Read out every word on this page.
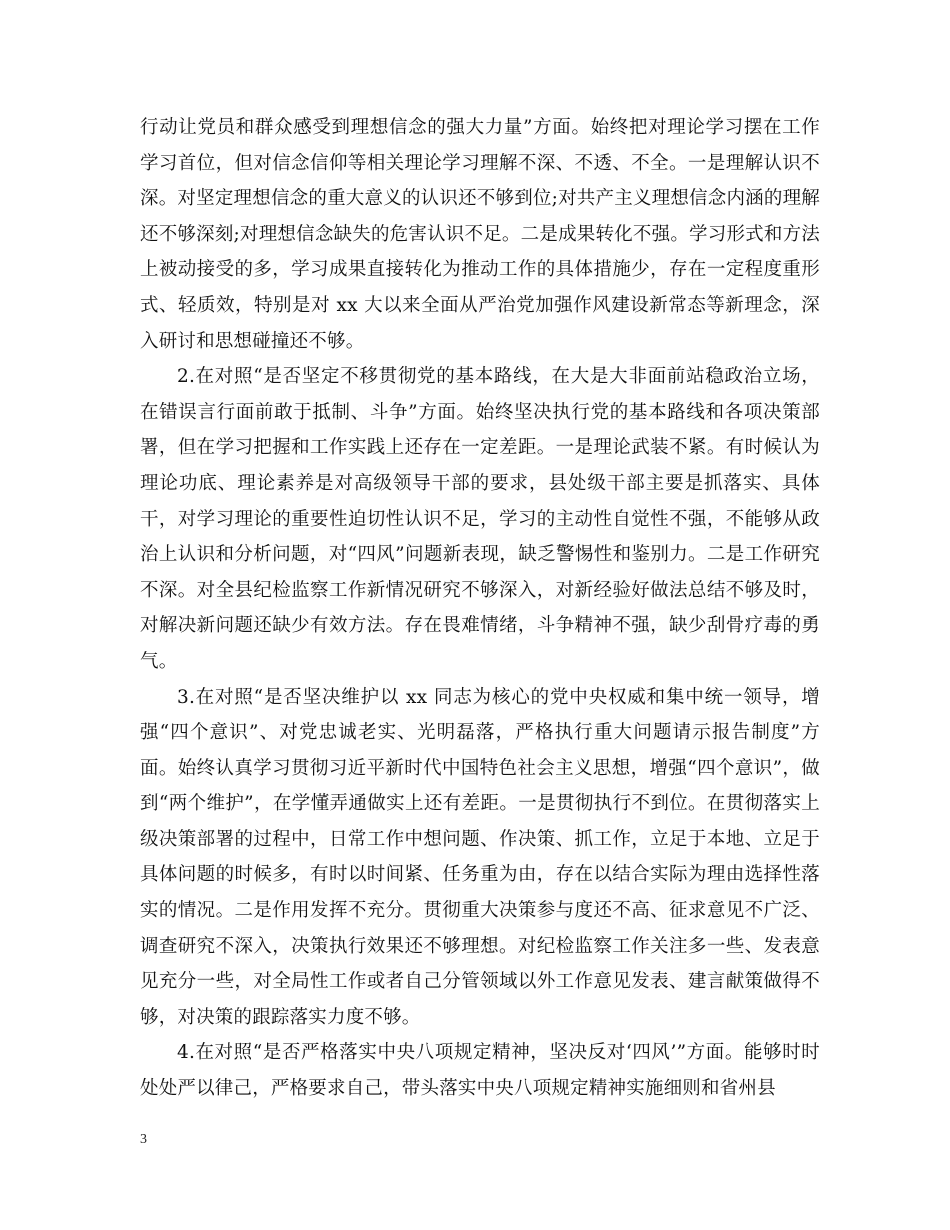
行动让党员和群众感受到理想信念的强大力量”方面。始终把对理论学习摆在工作学习首位，但对信念信仰等相关理论学习理解不深、不透、不全。一是理解认识不深。对坚定理想信念的重大意义的认识还不够到位;对共产主义理想信念内涵的理解还不够深刻;对理想信念缺失的危害认识不足。二是成果转化不强。学习形式和方法上被动接受的多，学习成果直接转化为推动工作的具体措施少，存在一定程度重形式、轻质效，特别是对 xx 大以来全面从严治党加强作风建设新常态等新理念，深入研讨和思想碰撞还不够。

2.在对照“是否坚定不移贯彻党的基本路线，在大是大非面前站稳政治立场，在错误言行面前敢于抵制、斗争”方面。始终坚决执行党的基本路线和各项决策部署，但在学习把握和工作实践上还存在一定差距。一是理论武装不紧。有时候认为理论功底、理论素养是对高级领导干部的要求，县处级干部主要是抓落实、具体干，对学习理论的重要性迫切性认识不足，学习的主动性自觉性不强，不能够从政治上认识和分析问题，对“四风”问题新表现，缺乏警惕性和鉴别力。二是工作研究不深。对全县纪检监察工作新情况研究不够深入，对新经验好做法总结不够及时，对解决新问题还缺少有效方法。存在畏难情绪，斗争精神不强，缺少刮骨疗毒的勇气。

3.在对照“是否坚决维护以 xx 同志为核心的党中央权威和集中统一领导，增强“四个意识”、对党忠诚老实、光明磊落，严格执行重大问题请示报告制度”方面。始终认真学习贯彻习近平新时代中国特色社会主义思想，增强“四个意识”，做到“两个维护”，在学懂弄通做实上还有差距。一是贯彻执行不到位。在贯彻落实上级决策部署的过程中，日常工作中想问题、作决策、抓工作，立足于本地、立足于具体问题的时候多，有时以时间紧、任务重为由，存在以结合实际为理由选择性落实的情况。二是作用发挥不充分。贯彻重大决策参与度还不高、征求意见不广泛、调查研究不深入，决策执行效果还不够理想。对纪检监察工作关注多一些、发表意见充分一些，对全局性工作或者自己分管领域以外工作意见发表、建言献策做得不够，对决策的跟踪落实力度不够。

4.在对照“是否严格落实中央八项规定精神，坚决反对‘四风’”方面。能够时时处处严以律己，严格要求自己，带头落实中央八项规定精神实施细则和省州县

3
